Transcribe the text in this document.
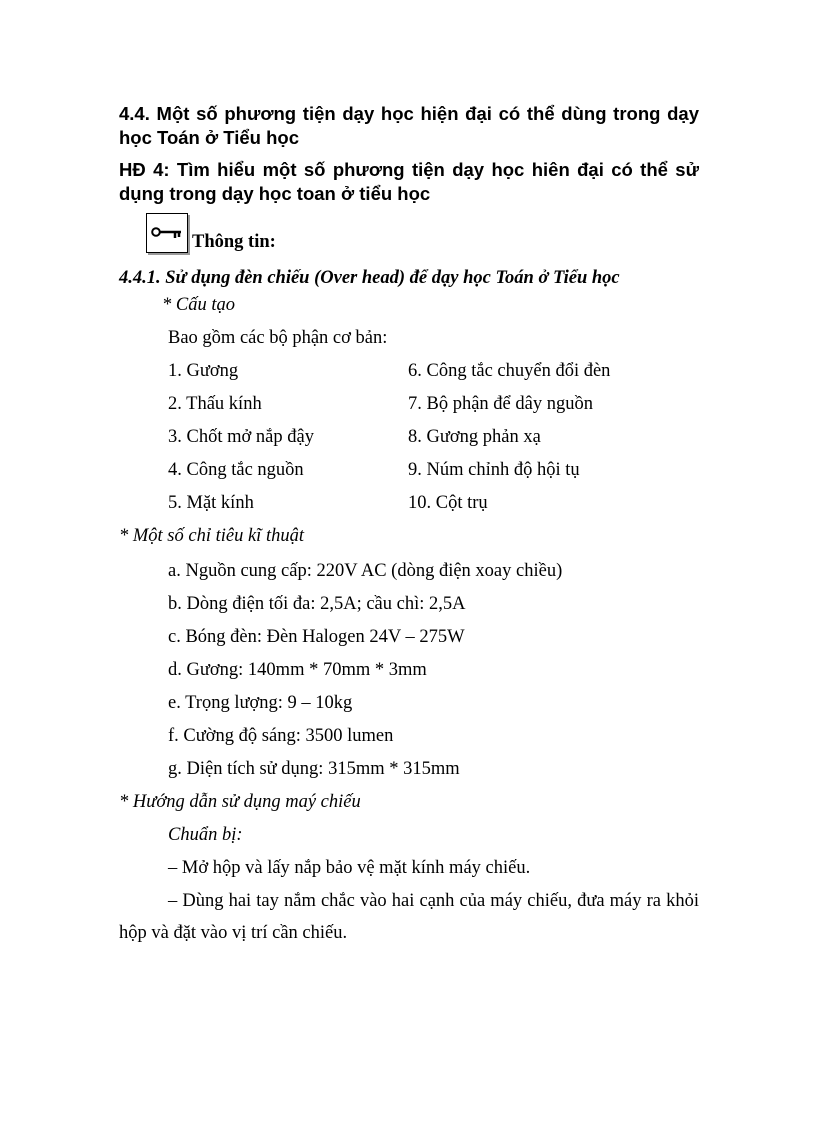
4.4. Một số phương tiện dạy học hiện đại có thể dùng trong dạy học Toán ở Tiểu học
HĐ 4: Tìm hiểu một số phương tiện dạy học hiên đại có thể sử dụng trong dạy học toan ở tiểu học
Thông tin:
4.4.1. Sử dụng đèn chiếu (Over head) để dạy học Toán ở Tiểu học
* Cấu tạo
Bao gồm các bộ phận cơ bản:
1. Gương
2. Thấu kính
3. Chốt mở nắp đậy
4. Công tắc nguồn
5. Mặt kính
6. Công tắc chuyển đổi đèn
7. Bộ phận để dây nguồn
8. Gương phản xạ
9. Núm chỉnh độ hội tụ
10. Cột trụ
* Một số chỉ tiêu kĩ thuật
a. Nguồn cung cấp: 220V AC (dòng điện xoay chiều)
b. Dòng điện tối đa: 2,5A; cầu chì: 2,5A
c. Bóng đèn: Đèn Halogen 24V – 275W
d. Gương: 140mm * 70mm * 3mm
e. Trọng lượng: 9 – 10kg
f. Cường độ sáng: 3500 lumen
g. Diện tích sử dụng: 315mm * 315mm
* Hướng dẫn sử dụng maý chiếu
Chuẩn bị:
– Mở hộp và lấy nắp bảo vệ mặt kính máy chiếu.
– Dùng hai tay nắm chắc vào hai cạnh của máy chiếu, đưa máy ra khỏi hộp và đặt vào vị trí cần chiếu.
